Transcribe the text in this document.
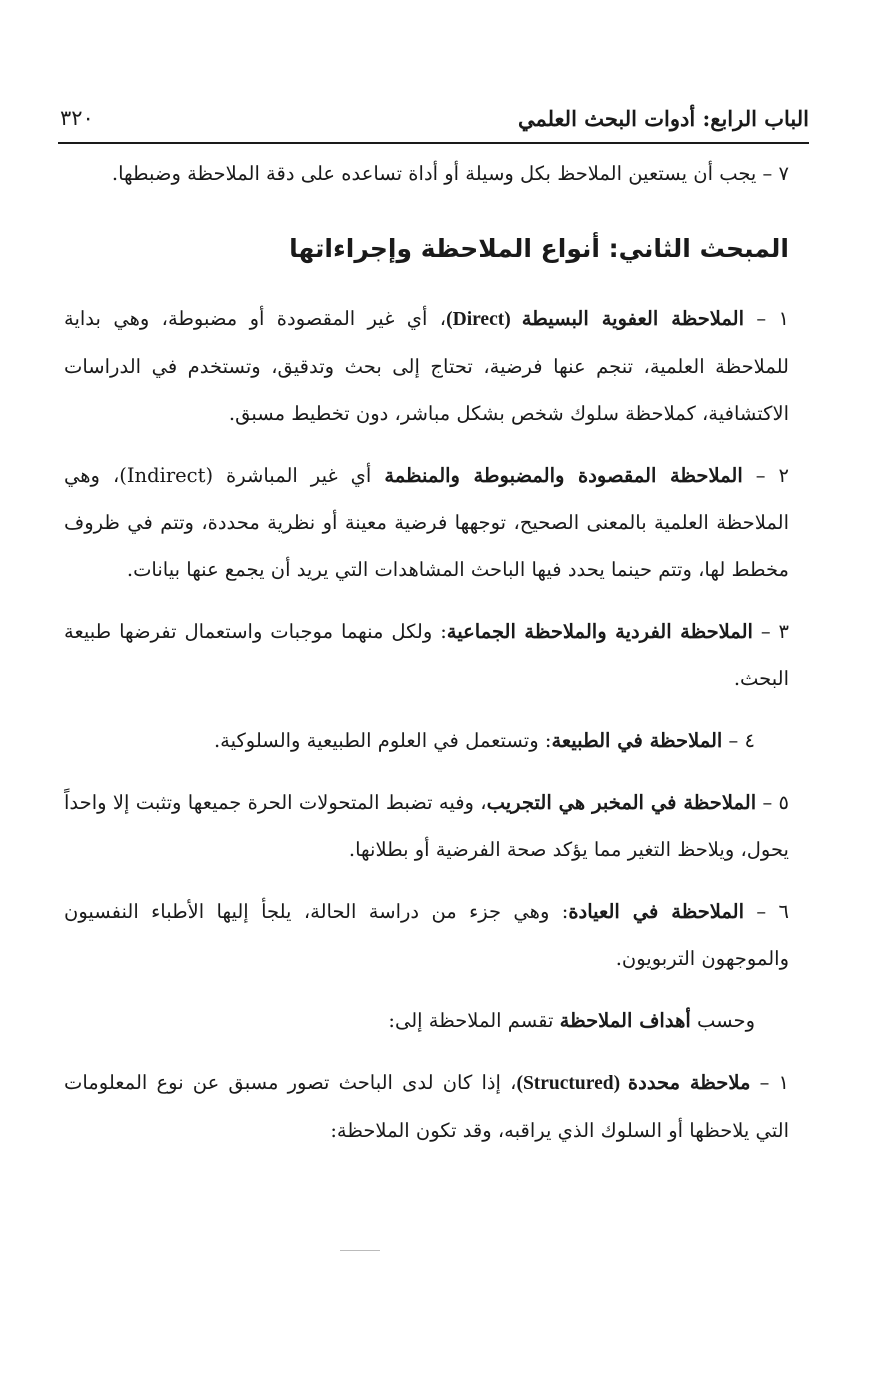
الباب الرابع: أدوات البحث العلمي
٣٢٠

٧ – يجب أن يستعين الملاحظ بكل وسيلة أو أداة تساعده على دقة الملاحظة وضبطها.

المبحث الثاني: أنواع الملاحظة وإجراءاتها

١ – الملاحظة العفوية البسيطة (Direct)، أي غير المقصودة أو مضبوطة، وهي بداية للملاحظة العلمية، تنجم عنها فرضية، تحتاج إلى بحث وتدقيق، وتستخدم في الدراسات الاكتشافية، كملاحظة سلوك شخص بشكل مباشر، دون تخطيط مسبق.

٢ – الملاحظة المقصودة والمضبوطة والمنظمة أي غير المباشرة (Indirect)، وهي الملاحظة العلمية بالمعنى الصحيح، توجهها فرضية معينة أو نظرية محددة، وتتم في ظروف مخطط لها، وتتم حينما يحدد فيها الباحث المشاهدات التي يريد أن يجمع عنها بيانات.

٣ – الملاحظة الفردية والملاحظة الجماعية: ولكل منهما موجبات واستعمال تفرضها طبيعة البحث.

٤ – الملاحظة في الطبيعة: وتستعمل في العلوم الطبيعية والسلوكية.

٥ – الملاحظة في المخبر هي التجريب، وفيه تضبط المتحولات الحرة جميعها وتثبت إلا واحداً يحول، ويلاحظ التغير مما يؤكد صحة الفرضية أو بطلانها.

٦ – الملاحظة في العيادة: وهي جزء من دراسة الحالة، يلجأ إليها الأطباء النفسيون والموجهون التربويون.

وحسب أهداف الملاحظة تقسم الملاحظة إلى:

١ – ملاحظة محددة (Structured)، إذا كان لدى الباحث تصور مسبق عن نوع المعلومات التي يلاحظها أو السلوك الذي يراقبه، وقد تكون الملاحظة:
